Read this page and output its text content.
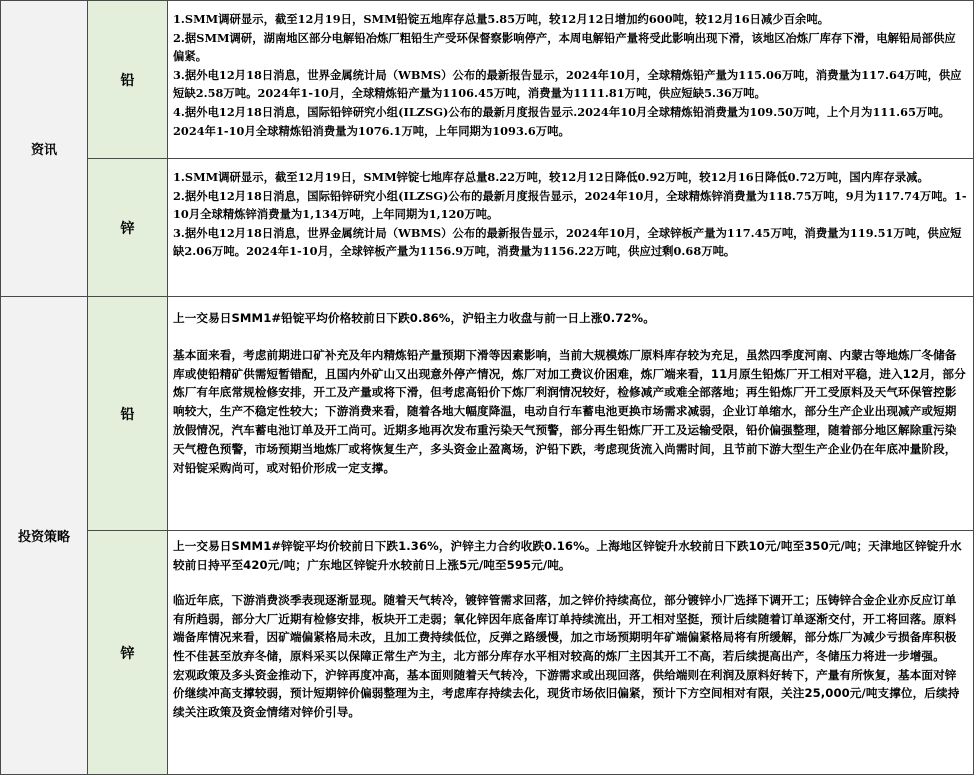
资讯
铅

1.SMM调研显示，截至12月19日，SMM铅锭五地库存总量5.85万吨，较12月12日增加约600吨，较12月16日减少百余吨。

2.据SMM调研，湖南地区部分电解铅冶炼厂粗铅生产受环保督察影响停产，本周电解铅产量将受此影响出现下滑，该地区冶炼厂库存下滑，电解铅局部供应偏紧。

3.据外电12月18日消息，世界金属统计局（WBMS）公布的最新报告显示，2024年10月，全球精炼铅产量为115.06万吨，消费量为117.64万吨，供应短缺2.58万吨。2024年1-10月，全球精炼铅产量为1106.45万吨，消费量为1111.81万吨，供应短缺5.36万吨。

4.据外电12月18日消息，国际铅锌研究小组(ILZSG)公布的最新月度报告显示.2024年10月全球精炼铅消费量为109.50万吨，上个月为111.65万吨。2024年1-10月全球精炼铅消费量为1076.1万吨，上年同期为1093.6万吨。

锌

1.SMM调研显示，截至12月19日，SMM锌锭七地库存总量8.22万吨，较12月12日降低0.92万吨，较12月16日降低0.72万吨，国内库存录减。

2.据外电12月18日消息，国际铅锌研究小组(ILZSG)公布的最新月度报告显示，2024年10月，全球精炼锌消费量为118.75万吨，9月为117.74万吨。1-10月全球精炼锌消费量为1,134万吨，上年同期为1,120万吨。

3.据外电12月18日消息，世界金属统计局（WBMS）公布的最新报告显示，2024年10月，全球锌板产量为117.45万吨，消费量为119.51万吨，供应短缺2.06万吨。2024年1-10月，全球锌板产量为1156.9万吨，消费量为1156.22万吨，供应过剩0.68万吨。

投资策略
铅

上一交易日SMM1#铅锭平均价格较前日下跌0.86%，沪铅主力收盘与前一日上涨0.72%。

基本面来看，考虑前期进口矿补充及年内精炼铅产量预期下滑等因素影响，当前大规模炼厂原料库存较为充足，虽然四季度河南、内蒙古等地炼厂冬储备库或使铅精矿供需短暂错配，且国内外矿山又出现意外停产情况，炼厂对加工费议价困难，炼厂端来看，11月原生铅炼厂开工相对平稳，进入12月，部分炼厂有年底常规检修安排，开工及产量或将下滑，但考虑高铅价下炼厂利润情况较好，检修减产或难全部落地；再生铅炼厂开工受原料及天气环保管控影响较大，生产不稳定性较大；下游消费来看，随着各地大幅度降温，电动自行车蓄电池更换市场需求减弱，企业订单缩水，部分生产企业出现减产或短期放假情况，汽车蓄电池订单及开工尚可。近期多地再次发布重污染天气预警，部分再生铅炼厂开工及运输受限，铅价偏强整理，随着部分地区解除重污染天气橙色预警，市场预期当地炼厂或将恢复生产，多头资金止盈离场，沪铅下跌，考虑现货流入尚需时间，且节前下游大型生产企业仍在年底冲量阶段，对铅锭采购尚可，或对铅价形成一定支撑。

锌

上一交易日SMM1#锌锭平均价较前日下跌1.36%，沪锌主力合约收跌0.16%。上海地区锌锭升水较前日下跌10元/吨至350元/吨；天津地区锌锭升水较前日持平至420元/吨；广东地区锌锭升水较前日上涨5元/吨至595元/吨。

临近年底，下游消费淡季表现逐渐显现。随着天气转冷，镀锌管需求回落，加之锌价持续高位，部分镀锌小厂选择下调开工；压铸锌合金企业亦反应订单有所趋弱，部分大厂近期有检修安排，板块开工走弱；氧化锌因年底备库订单持续流出，开工相对坚挺，预计后续随着订单逐渐交付，开工将回落。原料端备库情况来看，因矿端偏紧格局未改，且加工费持续低位，反弹之路缓慢，加之市场预期明年矿端偏紧格局将有所缓解，部分炼厂为减少亏损备库积极性不佳甚至放弃冬储，原料采买以保障正常生产为主，北方部分库存水平相对较高的炼厂主因其开工不高，若后续提高出产，冬储压力将进一步增强。

宏观政策及多头资金推动下，沪锌再度冲高，基本面则随着天气转冷，下游需求或出现回落，供给端则在利润及原料好转下，产量有所恢复，基本面对锌价继续冲高支撑较弱，预计短期锌价偏弱整理为主，考虑库存持续去化，现货市场依旧偏紧，预计下方空间相对有限，关注25,000元/吨支撑位，后续持续关注政策及资金情绪对锌价引导。
